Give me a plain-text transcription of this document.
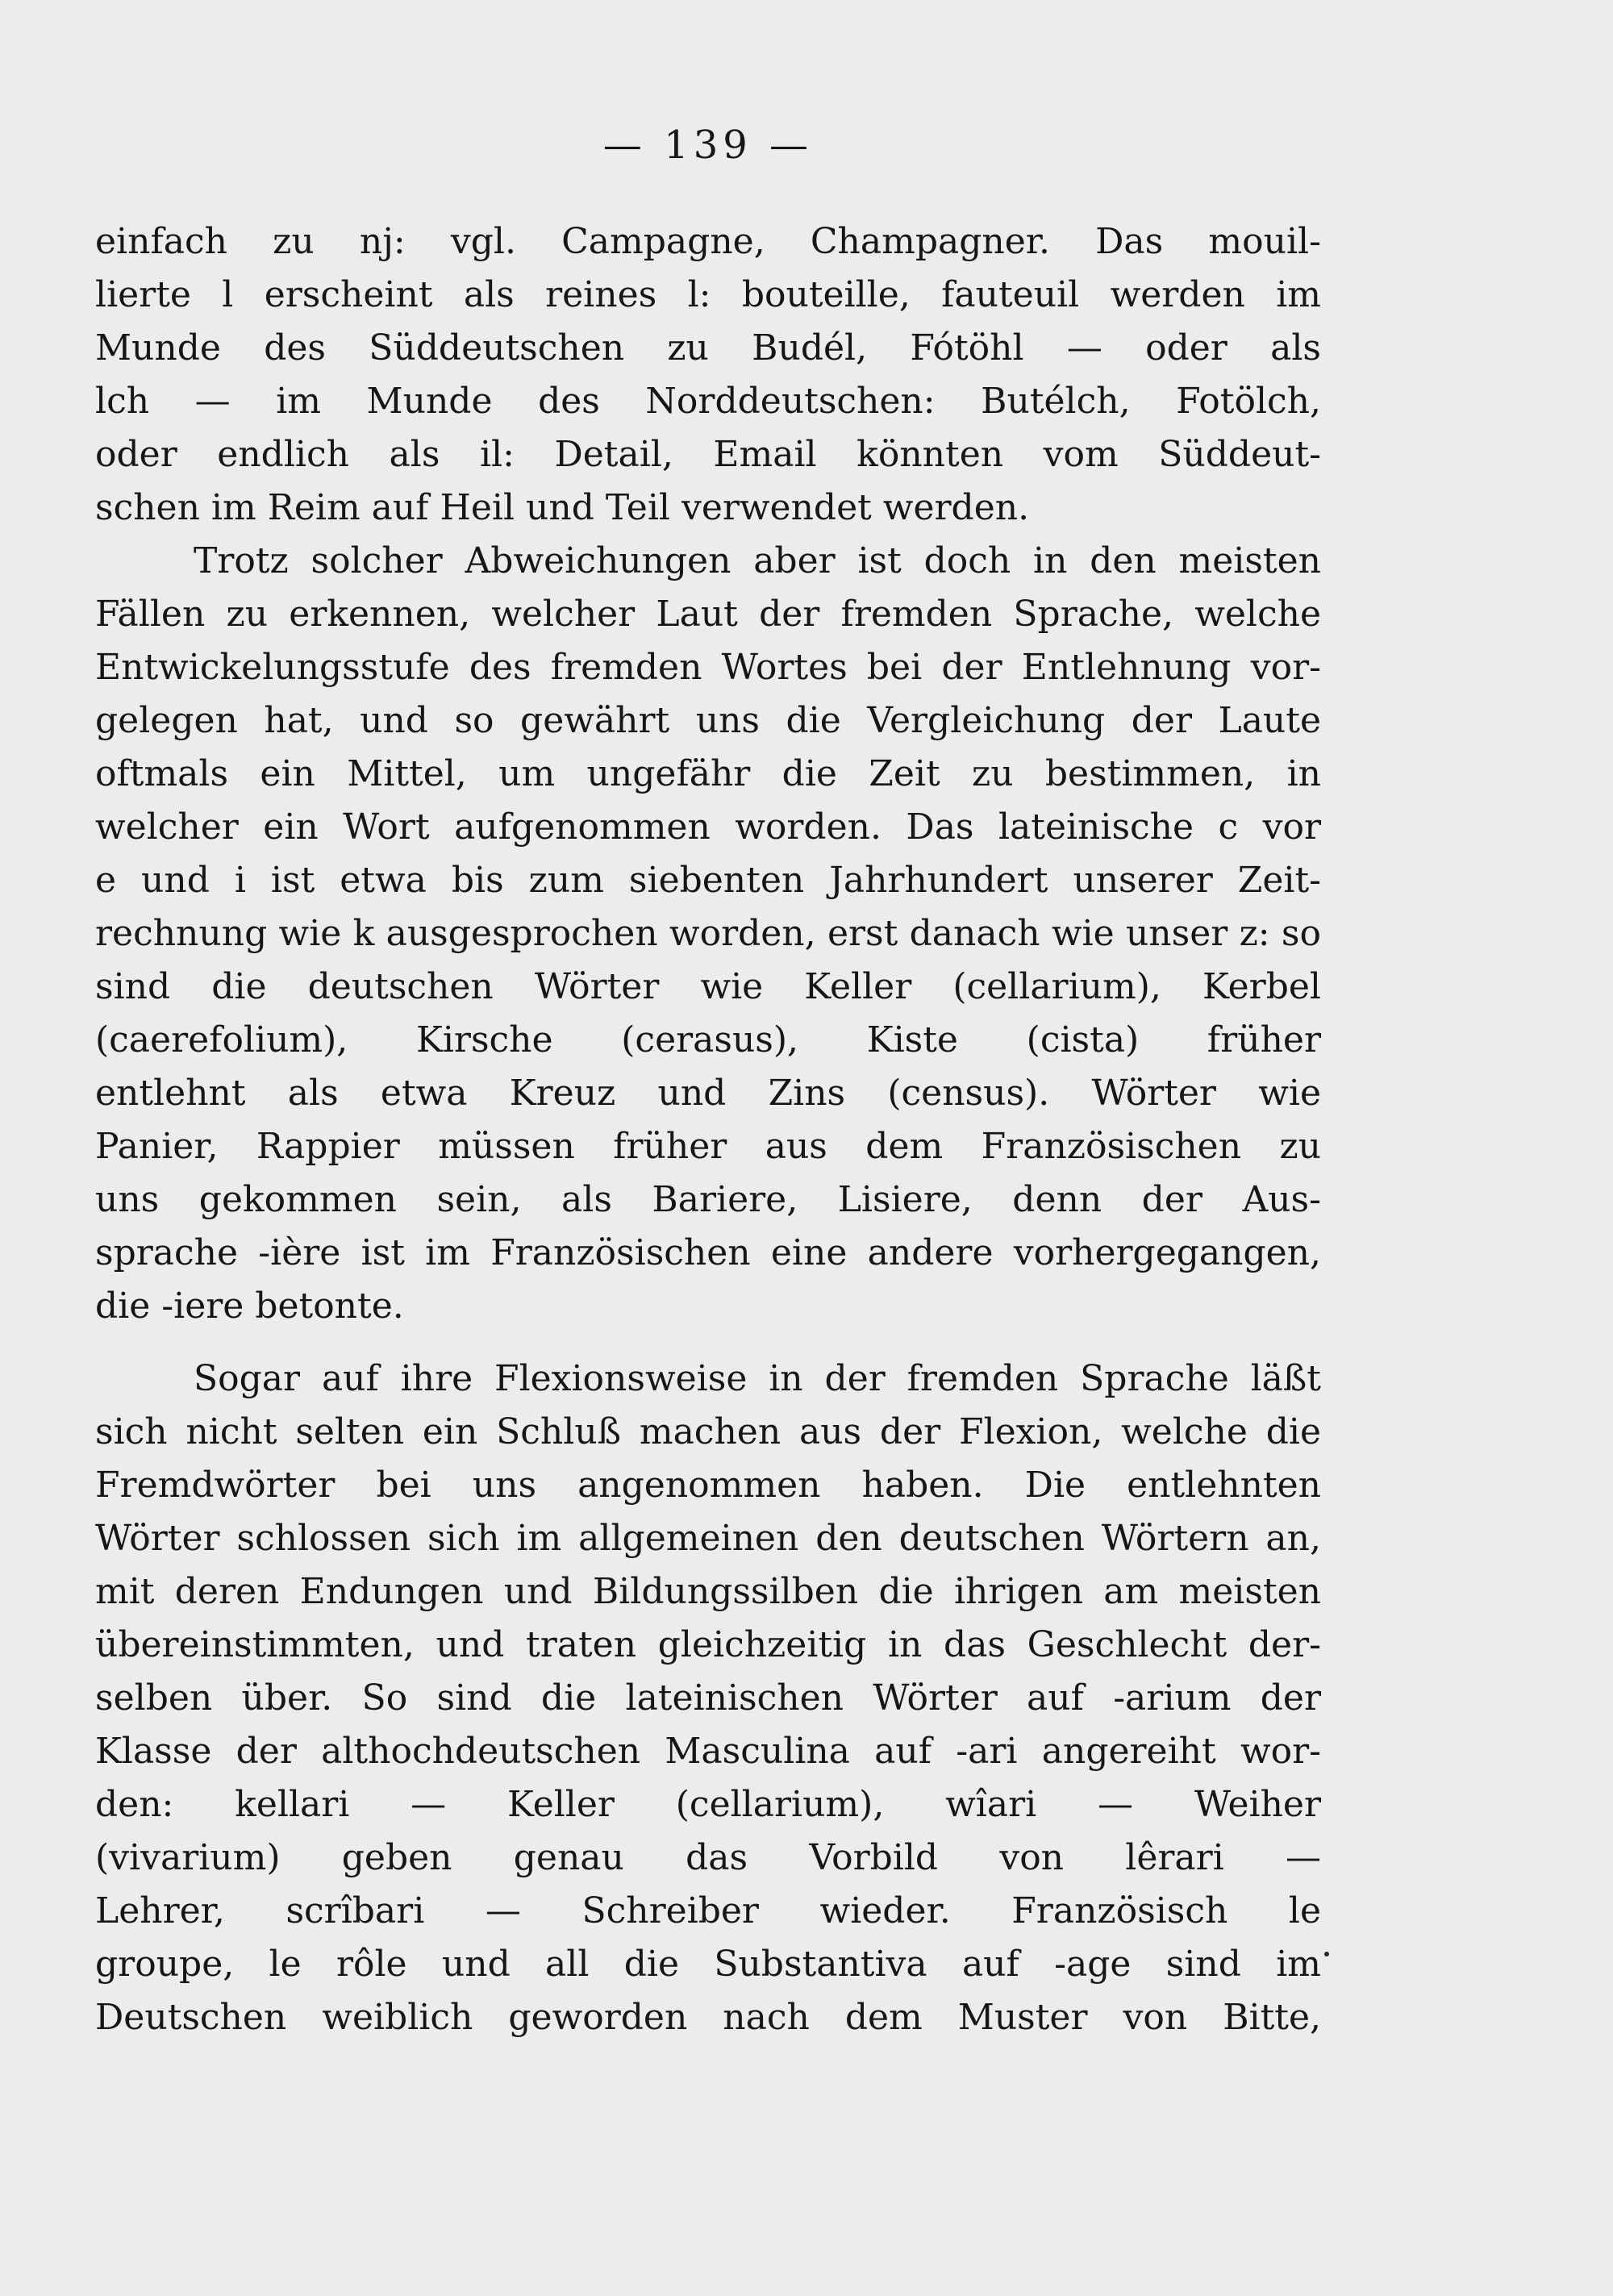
— 139 —
einfach zu nj: vgl. Campagne, Champagner. Das mouil-
lierte l erscheint als reines l: bouteille, fauteuil werden im
Munde des Süddeutschen zu Budél, Fótöhl — oder als
lch — im Munde des Norddeutschen: Butélch, Fotölch,
oder endlich als il: Detail, Email könnten vom Süddeut-
schen im Reim auf Heil und Teil verwendet werden.
Trotz solcher Abweichungen aber ist doch in den meisten
Fällen zu erkennen, welcher Laut der fremden Sprache, welche
Entwickelungsstufe des fremden Wortes bei der Entlehnung vor-
gelegen hat, und so gewährt uns die Vergleichung der Laute
oftmals ein Mittel, um ungefähr die Zeit zu bestimmen, in
welcher ein Wort aufgenommen worden. Das lateinische c vor
e und i ist etwa bis zum siebenten Jahrhundert unserer Zeit-
rechnung wie k ausgesprochen worden, erst danach wie unser z: so
sind die deutschen Wörter wie Keller (cellarium), Kerbel
(caerefolium), Kirsche (cerasus), Kiste (cista) früher
entlehnt als etwa Kreuz und Zins (census). Wörter wie
Panier, Rappier müssen früher aus dem Französischen zu
uns gekommen sein, als Bariere, Lisiere, denn der Aus-
sprache -ière ist im Französischen eine andere vorhergegangen,
die -iere betonte.
Sogar auf ihre Flexionsweise in der fremden Sprache läßt
sich nicht selten ein Schluß machen aus der Flexion, welche die
Fremdwörter bei uns angenommen haben. Die entlehnten
Wörter schlossen sich im allgemeinen den deutschen Wörtern an,
mit deren Endungen und Bildungssilben die ihrigen am meisten
übereinstimmten, und traten gleichzeitig in das Geschlecht der-
selben über. So sind die lateinischen Wörter auf -arium der
Klasse der althochdeutschen Masculina auf -ari angereiht wor-
den: kellari — Keller (cellarium), wîari — Weiher
(vivarium) geben genau das Vorbild von lêrari —
Lehrer, scrîbari — Schreiber wieder. Französisch le
groupe, le rôle und all die Substantiva auf -age sind im
Deutschen weiblich geworden nach dem Muster von Bitte,
